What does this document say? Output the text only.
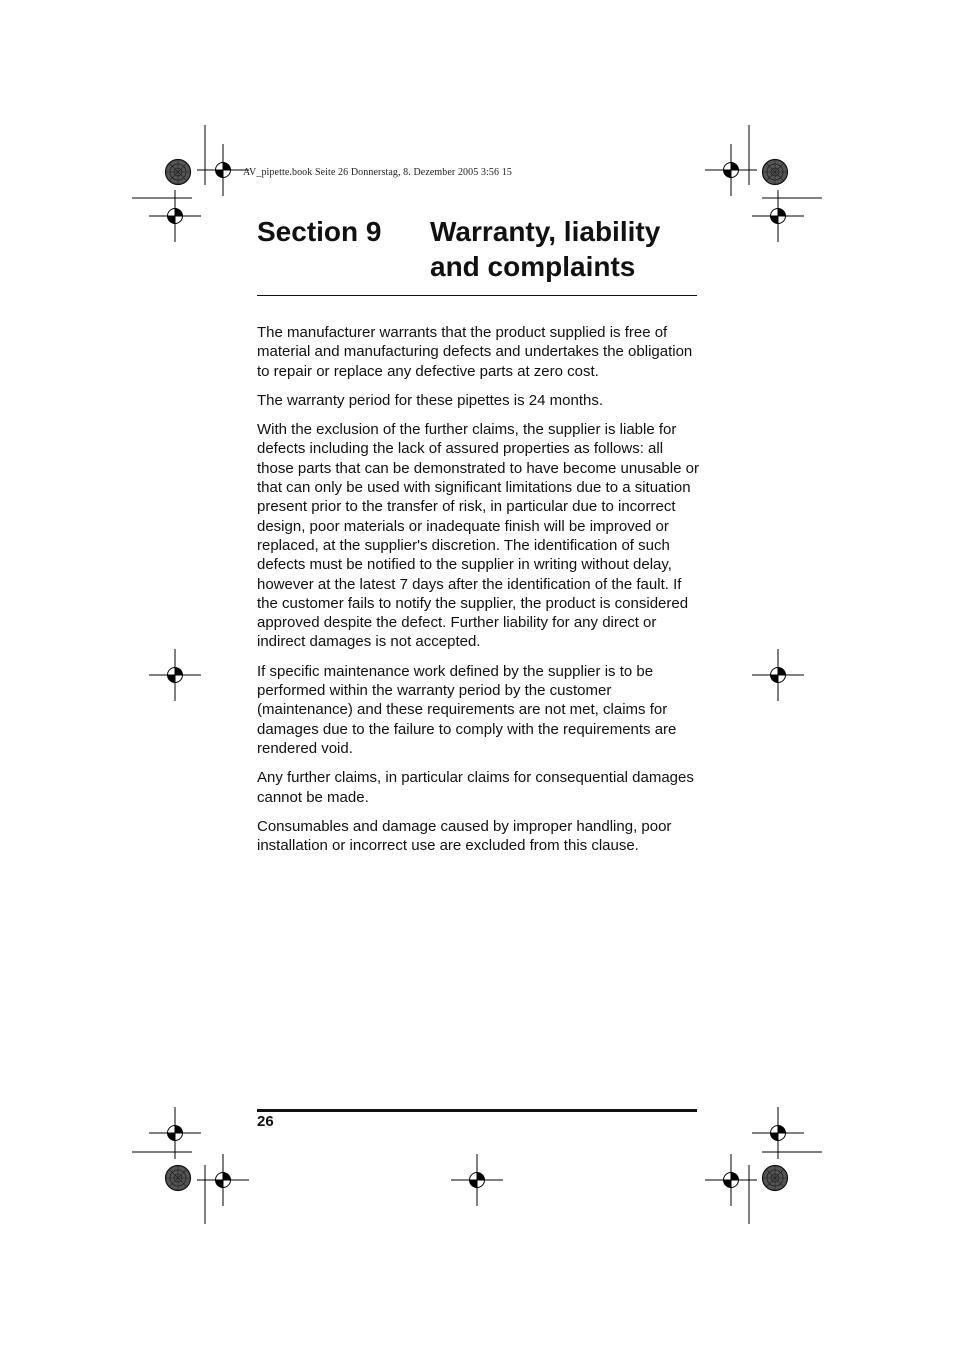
AV_pipette.book Seite 26 Donnerstag, 8. Dezember 2005 3:56 15
Section 9 Warranty, liability and complaints

The manufacturer warrants that the product supplied is free of material and manufacturing defects and undertakes the obligation to repair or replace any defective parts at zero cost.

The warranty period for these pipettes is 24 months.

With the exclusion of the further claims, the supplier is liable for defects including the lack of assured properties as follows: all those parts that can be demonstrated to have become unusable or that can only be used with significant limitations due to a situation present prior to the transfer of risk, in particular due to incorrect design, poor materials or inadequate finish will be improved or replaced, at the supplier's discretion. The identification of such defects must be notified to the supplier in writing without delay, however at the latest 7 days after the identification of the fault. If the customer fails to notify the supplier, the product is considered approved despite the defect. Further liability for any direct or indirect damages is not accepted.

If specific maintenance work defined by the supplier is to be performed within the warranty period by the customer (maintenance) and these requirements are not met, claims for damages due to the failure to comply with the requirements are rendered void.

Any further claims, in particular claims for consequential damages cannot be made.

Consumables and damage caused by improper handling, poor installation or incorrect use are excluded from this clause.

26
